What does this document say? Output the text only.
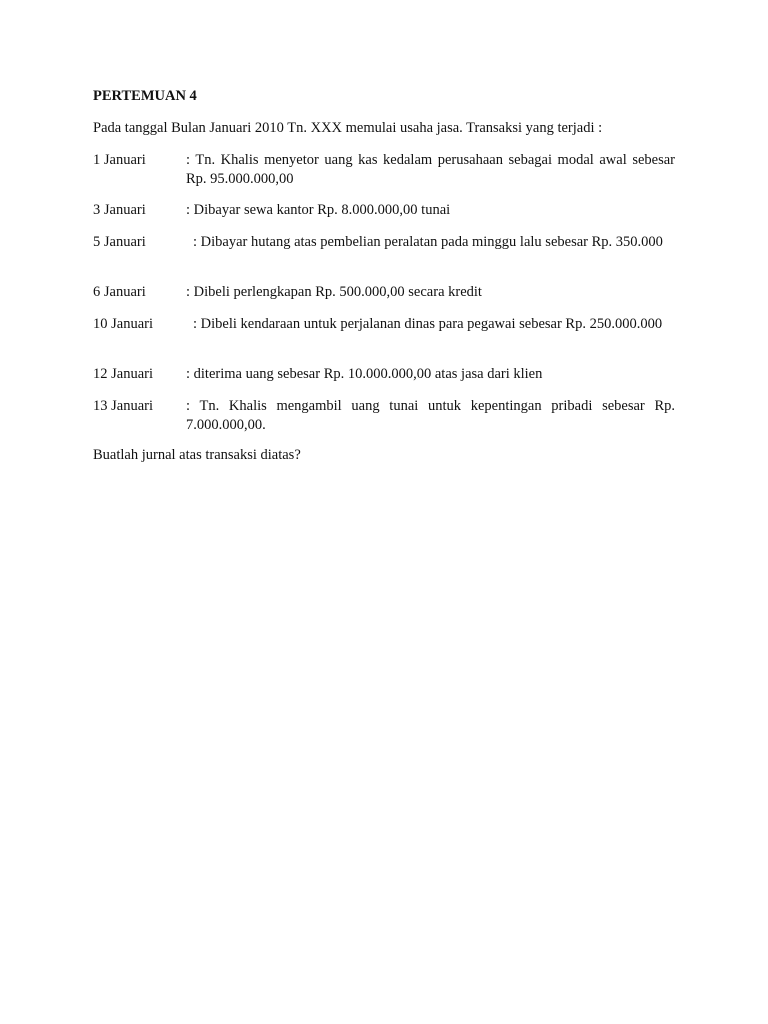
PERTEMUAN 4
Pada tanggal Bulan Januari 2010 Tn. XXX memulai usaha jasa. Transaksi yang terjadi :
1 Januari	: Tn. Khalis menyetor uang kas kedalam perusahaan sebagai modal awal sebesar Rp. 95.000.000,00
3 Januari	: Dibayar sewa kantor Rp. 8.000.000,00 tunai
5 Januari	: Dibayar hutang atas pembelian peralatan pada minggu lalu sebesar Rp. 350.000
6 Januari	: Dibeli perlengkapan Rp. 500.000,00 secara kredit
10 Januari	: Dibeli kendaraan untuk perjalanan dinas para pegawai sebesar Rp. 250.000.000
12 Januari : diterima uang sebesar Rp. 10.000.000,00 atas jasa dari klien
13 Januari : Tn. Khalis mengambil uang tunai untuk kepentingan pribadi sebesar Rp. 7.000.000,00.
Buatlah jurnal atas transaksi diatas?
